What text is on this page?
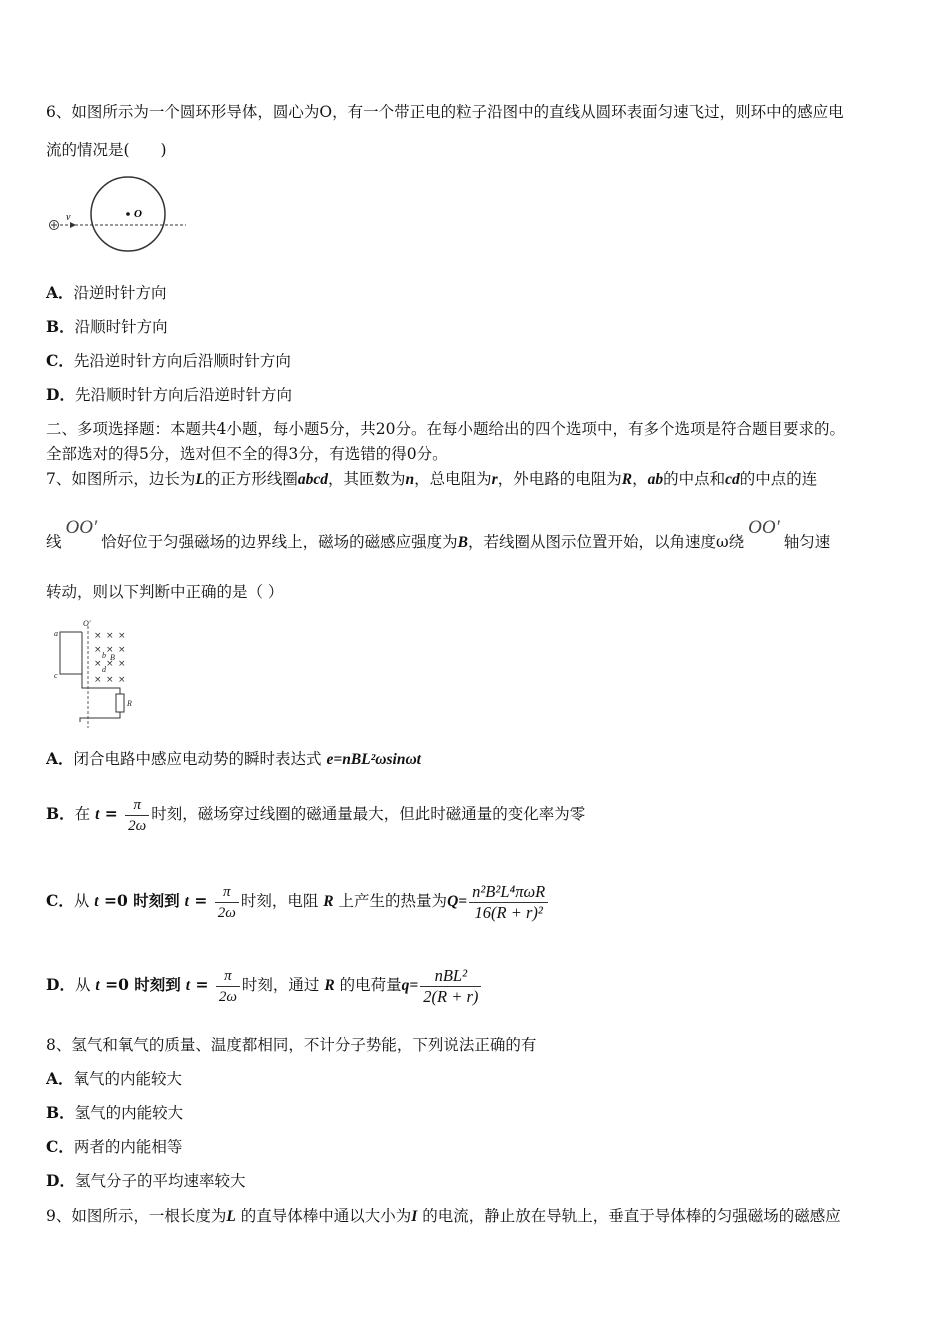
6、如图所示为一个圆环形导体，圆心为O，有一个带正电的粒子沿图中的直线从圆环表面匀速飞过，则环中的感应电
流的情况是(　　)
v	O
A．沿逆时针方向
B．沿顺时针方向
C．先沿逆时针方向后沿顺时针方向
D．先沿顺时针方向后沿逆时针方向
二、多项选择题：本题共4小题，每小题5分，共20分。在每小题给出的四个选项中，有多个选项是符合题目要求的。
全部选对的得5分，选对但不全的得3分，有选错的得0分。
7、如图所示，边长为L的正方形线圈abcd，其匝数为n，总电阻为r，外电路的电阻为R，ab的中点和cd的中点的连
线OO′恰好位于匀强磁场的边界线上，磁场的磁感应强度为B，若线圈从图示位置开始，以角速度ω绕OO′轴匀速
转动，则以下判断中正确的是（ ）
× × ×
× × ×
× × ×
× × ×
a
c
O′
b B
d
R
A．闭合电路中感应电动势的瞬时表达式 e=nBL²ωsinωt
B．在 $t = \frac{\pi}{2\omega}$ 时刻，磁场穿过线圈的磁通量最大，但此时磁通量的变化率为零
C．从 t =0 时刻到 $t = \frac{\pi}{2\omega}$ 时刻，电阻 R 上产生的热量为$Q= \frac{\text{n²B²L⁴πωR}}{\text{16(R + r)²}}$
D．从 t =0 时刻到 $t = \frac{\pi}{2\omega}$ 时刻，通过 R 的电荷量$q= \frac{\text{nBL²}}{2(R + r)}$
8、氢气和氧气的质量、温度都相同，不计分子势能，下列说法正确的有
A．氧气的内能较大
B．氢气的内能较大
C．两者的内能相等
D．氢气分子的平均速率较大
9、如图所示，一根长度为L 的直导体棒中通以大小为I 的电流，静止放在导轨上，垂直于导体棒的匀强磁场的磁感应
